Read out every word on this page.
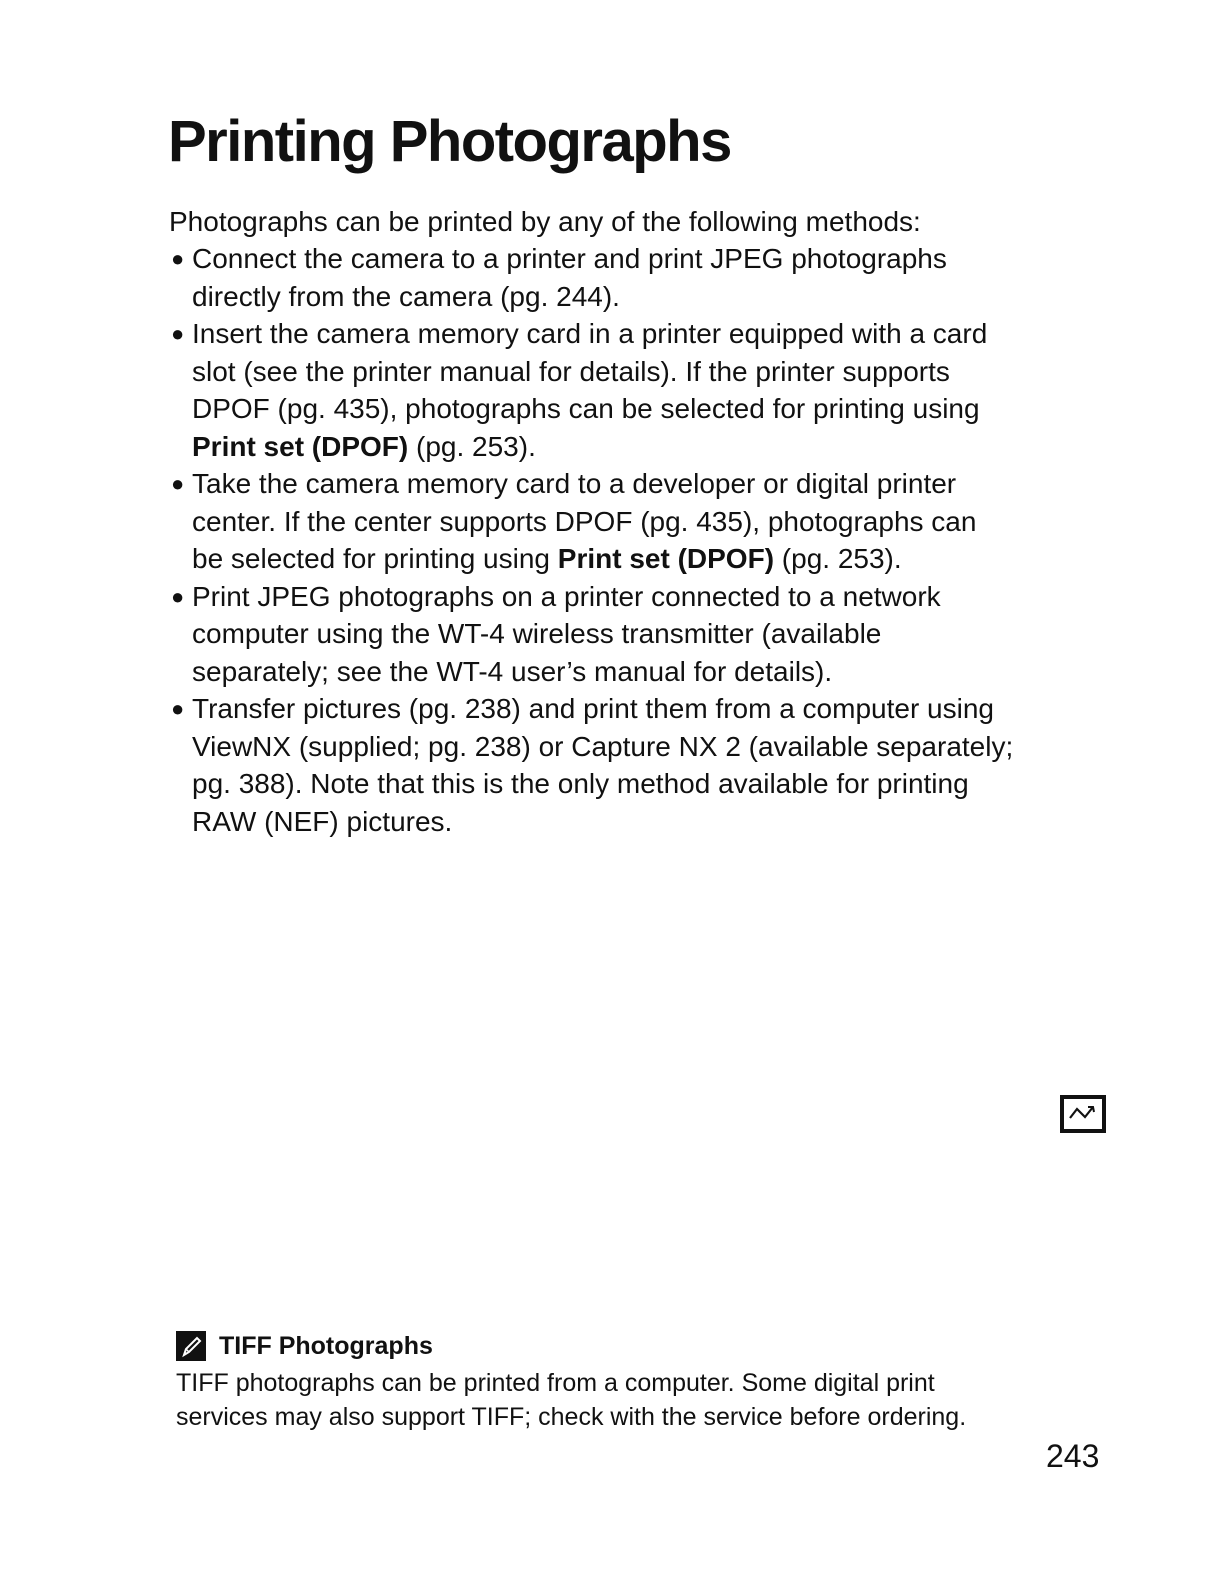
Printing Photographs

Photographs can be printed by any of the following methods:

● Connect the camera to a printer and print JPEG photographs
directly from the camera (pg. 244).
● Insert the camera memory card in a printer equipped with a card
slot (see the printer manual for details). If the printer supports
DPOF (pg. 435), photographs can be selected for printing using
Print set (DPOF) (pg. 253).
● Take the camera memory card to a developer or digital printer
center. If the center supports DPOF (pg. 435), photographs can
be selected for printing using Print set (DPOF) (pg. 253).
● Print JPEG photographs on a printer connected to a network
computer using the WT-4 wireless transmitter (available
separately; see the WT-4 user’s manual for details).
● Transfer pictures (pg. 238) and print them from a computer using
ViewNX (supplied; pg. 238) or Capture NX 2 (available separately;
pg. 388). Note that this is the only method available for printing
RAW (NEF) pictures.
TIFF Photographs

TIFF photographs can be printed from a computer. Some digital print
services may also support TIFF; check with the service before ordering.

243
